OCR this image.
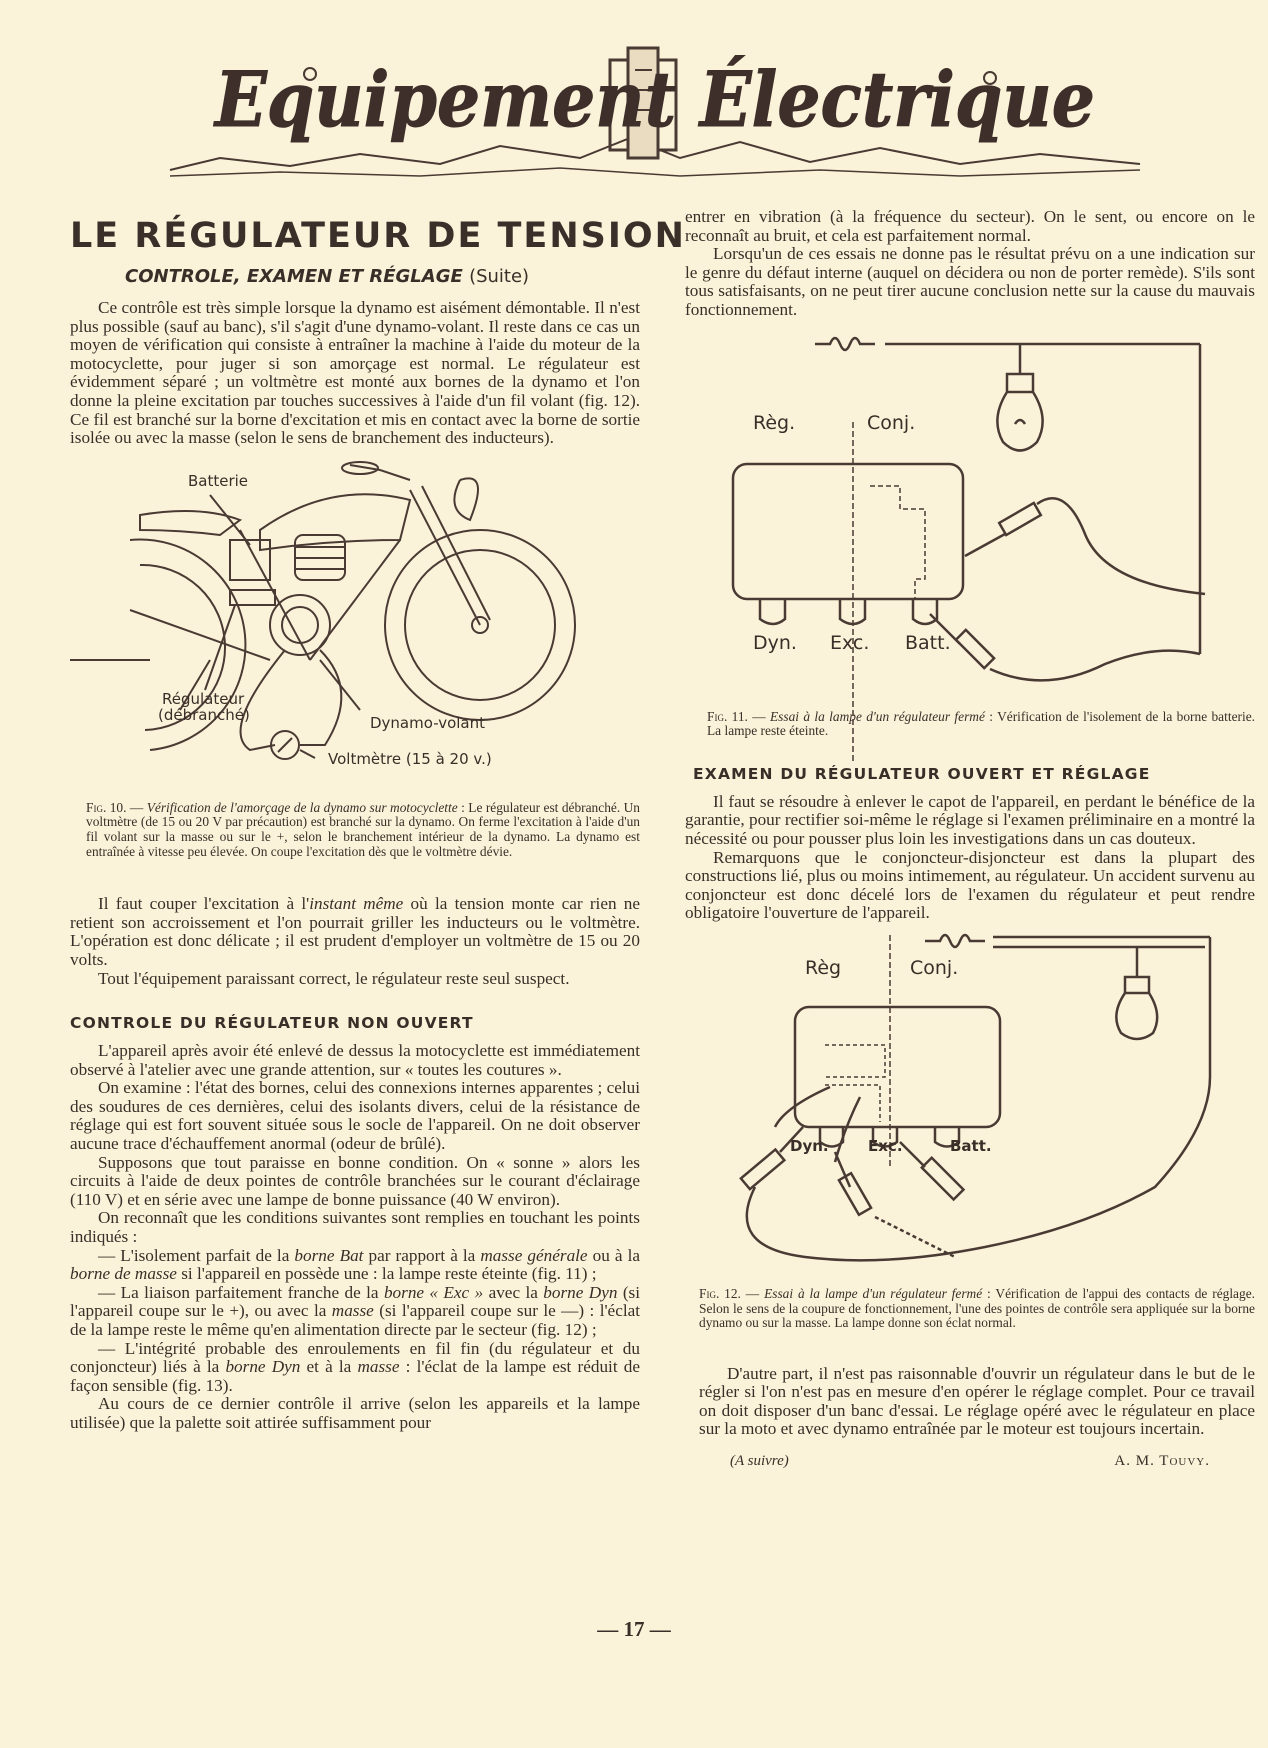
Equipement Électrique
LE RÉGULATEUR DE TENSION
CONTROLE, EXAMEN ET RÉGLAGE (Suite)

Ce contrôle est très simple lorsque la dynamo est aisément démontable. Il n'est plus possible (sauf au banc), s'il s'agit d'une dynamo-volant. Il reste dans ce cas un moyen de vérification qui consiste à entraîner la machine à l'aide du moteur de la motocyclette, pour juger si son amorçage est normal. Le régulateur est évidemment séparé ; un voltmètre est monté aux bornes de la dynamo et l'on donne la pleine excitation par touches successives à l'aide d'un fil volant (fig. 12). Ce fil est branché sur la borne d'excitation et mis en contact avec la borne de sortie isolée ou avec la masse (selon le sens de branchement des inducteurs).

Batterie
Régulateur
(débranché)	Dynamo-volant
Voltmètre (15 à 20 v.)

Fig. 10. — Vérification de l'amorçage de la dynamo sur motocyclette : Le régulateur est débranché. Un voltmètre (de 15 ou 20 V par précaution) est branché sur la dynamo. On ferme l'excitation à l'aide d'un fil volant sur la masse ou sur le +, selon le branchement intérieur de la dynamo. La dynamo est entraînée à vitesse peu élevée. On coupe l'excitation dès que le voltmètre dévie.

Il faut couper l'excitation à l'instant même où la tension monte car rien ne retient son accroissement et l'on pourrait griller les inducteurs ou le voltmètre. L'opération est donc délicate ; il est prudent d'employer un voltmètre de 15 ou 20 volts.

Tout l'équipement paraissant correct, le régulateur reste seul suspect.

CONTROLE DU RÉGULATEUR NON OUVERT

L'appareil après avoir été enlevé de dessus la motocyclette est immédiatement observé à l'atelier avec une grande attention, sur « toutes les coutures ».

On examine : l'état des bornes, celui des connexions internes apparentes ; celui des soudures de ces dernières, celui des isolants divers, celui de la résistance de réglage qui est fort souvent située sous le socle de l'appareil. On ne doit observer aucune trace d'échauffement anormal (odeur de brûlé).

Supposons que tout paraisse en bonne condition. On « sonne » alors les circuits à l'aide de deux pointes de contrôle branchées sur le courant d'éclairage (110 V) et en série avec une lampe de bonne puissance (40 W environ).

On reconnaît que les conditions suivantes sont remplies en touchant les points indiqués :

— L'isolement parfait de la borne Bat par rapport à la masse générale ou à la borne de masse si l'appareil en possède une : la lampe reste éteinte (fig. 11) ;

— La liaison parfaitement franche de la borne « Exc » avec la borne Dyn (si l'appareil coupe sur le +), ou avec la masse (si l'appareil coupe sur le —) : l'éclat de la lampe reste le même qu'en alimentation directe par le secteur (fig. 12) ;

— L'intégrité probable des enroulements en fil fin (du régulateur et du conjoncteur) liés à la borne Dyn et à la masse : l'éclat de la lampe est réduit de façon sensible (fig. 13).

Au cours de ce dernier contrôle il arrive (selon les appareils et la lampe utilisée) que la palette soit attirée suffisamment pour

entrer en vibration (à la fréquence du secteur). On le sent, ou encore on le reconnaît au bruit, et cela est parfaitement normal.

Lorsqu'un de ces essais ne donne pas le résultat prévu on a une indication sur le genre du défaut interne (auquel on décidera ou non de porter remède). S'ils sont tous satisfaisants, on ne peut tirer aucune conclusion nette sur la cause du mauvais fonctionnement.

Règ.	Conj.
Dyn. Exc. Batt.

Fig. 11. — Essai à la lampe d'un régulateur fermé : Vérification de l'isolement de la borne batterie. La lampe reste éteinte.

EXAMEN DU RÉGULATEUR OUVERT ET RÉGLAGE

Il faut se résoudre à enlever le capot de l'appareil, en perdant le bénéfice de la garantie, pour rectifier soi-même le réglage si l'examen préliminaire en a montré la nécessité ou pour pousser plus loin les investigations dans un cas douteux.

Remarquons que le conjoncteur-disjoncteur est dans la plupart des constructions lié, plus ou moins intimement, au régulateur. Un accident survenu au conjoncteur est donc décelé lors de l'examen du régulateur et peut rendre obligatoire l'ouverture de l'appareil.

Règ	Conj.
Dyn.	Exc.	Batt.

Fig. 12. — Essai à la lampe d'un régulateur fermé : Vérification de l'appui des contacts de réglage. Selon le sens de la coupure de fonctionnement, l'une des pointes de contrôle sera appliquée sur la borne dynamo ou sur la masse. La lampe donne son éclat normal.

D'autre part, il n'est pas raisonnable d'ouvrir un régulateur dans le but de le régler si l'on n'est pas en mesure d'en opérer le réglage complet. Pour ce travail on doit disposer d'un banc d'essai. Le réglage opéré avec le régulateur en place sur la moto et avec dynamo entraînée par le moteur est toujours incertain.

(A suivre)	A. M. Touvy.
— 17 —
